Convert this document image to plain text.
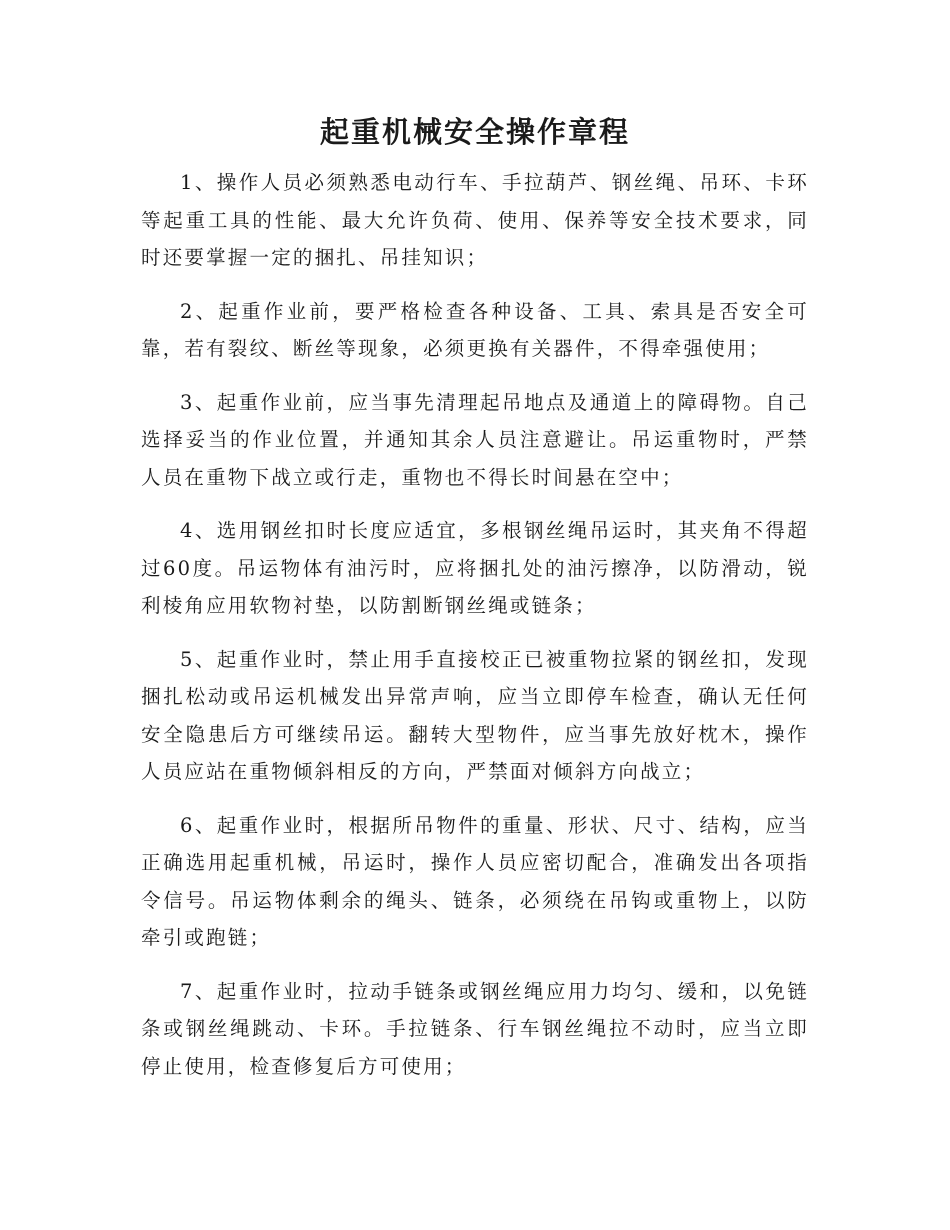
起重机械安全操作章程

1、操作人员必须熟悉电动行车、手拉葫芦、钢丝绳、吊环、卡环等起重工具的性能、最大允许负荷、使用、保养等安全技术要求，同时还要掌握一定的捆扎、吊挂知识；

2、起重作业前，要严格检查各种设备、工具、索具是否安全可靠，若有裂纹、断丝等现象，必须更换有关器件，不得牵强使用；

3、起重作业前，应当事先清理起吊地点及通道上的障碍物。自己选择妥当的作业位置，并通知其余人员注意避让。吊运重物时，严禁人员在重物下战立或行走，重物也不得长时间悬在空中；

4、选用钢丝扣时长度应适宜，多根钢丝绳吊运时，其夹角不得超过60度。吊运物体有油污时，应将捆扎处的油污擦净，以防滑动，锐利棱角应用软物衬垫，以防割断钢丝绳或链条；

5、起重作业时，禁止用手直接校正已被重物拉紧的钢丝扣，发现捆扎松动或吊运机械发出异常声响，应当立即停车检查，确认无任何安全隐患后方可继续吊运。翻转大型物件，应当事先放好枕木，操作人员应站在重物倾斜相反的方向，严禁面对倾斜方向战立；

6、起重作业时，根据所吊物件的重量、形状、尺寸、结构，应当正确选用起重机械，吊运时，操作人员应密切配合，准确发出各项指令信号。吊运物体剩余的绳头、链条，必须绕在吊钩或重物上，以防牵引或跑链；

7、起重作业时，拉动手链条或钢丝绳应用力均匀、缓和，以免链条或钢丝绳跳动、卡环。手拉链条、行车钢丝绳拉不动时，应当立即停止使用，检查修复后方可使用；
